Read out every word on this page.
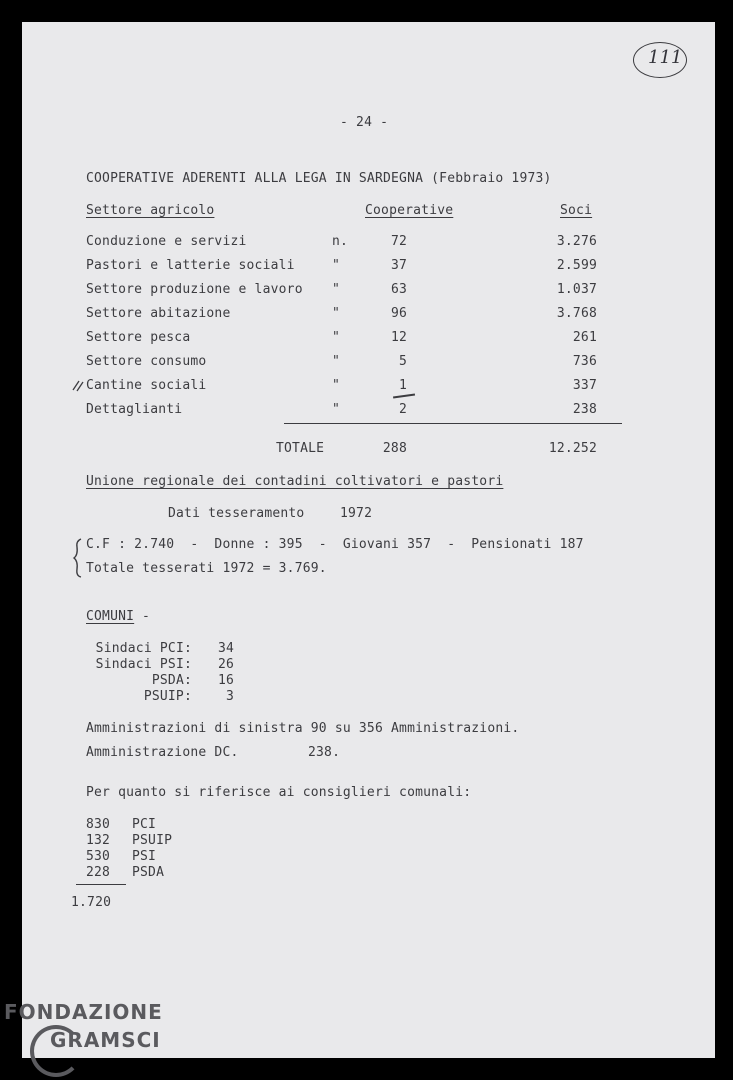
111
- 24 -
COOPERATIVE ADERENTI ALLA LEGA IN SARDEGNA (Febbraio 1973)
Settore agricolo	Cooperative	Soci
Conduzione e servizi	n.	72	3.276
Pastori e latterie sociali	"	37	2.599
Settore produzione e lavoro "	63	1.037
Settore abitazione	"	96	3.768
Settore pesca	"	12	261
Settore consumo	"	5	736
Cantine sociali	"	1	337
Dettaglianti	"	2	238
TOTALE	288	12.252
Unione regionale dei contadini coltivatori e pastori
Dati tesseramento	1972
C.F : 2.740  -  Donne : 395  -  Giovani 357  -  Pensionati 187
Totale tesserati 1972 = 3.769.
COMUNI -
Sindaci PCI:	34
Sindaci PSI:	26
PSDA:	16
PSUIP:	3
Amministrazioni di sinistra 90 su 356 Amministrazioni.
Amministrazione DC.	238.
Per quanto si riferisce ai consiglieri comunali:
830 PCI
132 PSUIP
530 PSI
228 PSDA
1.720
FONDAZIONE
GRAMSCI
